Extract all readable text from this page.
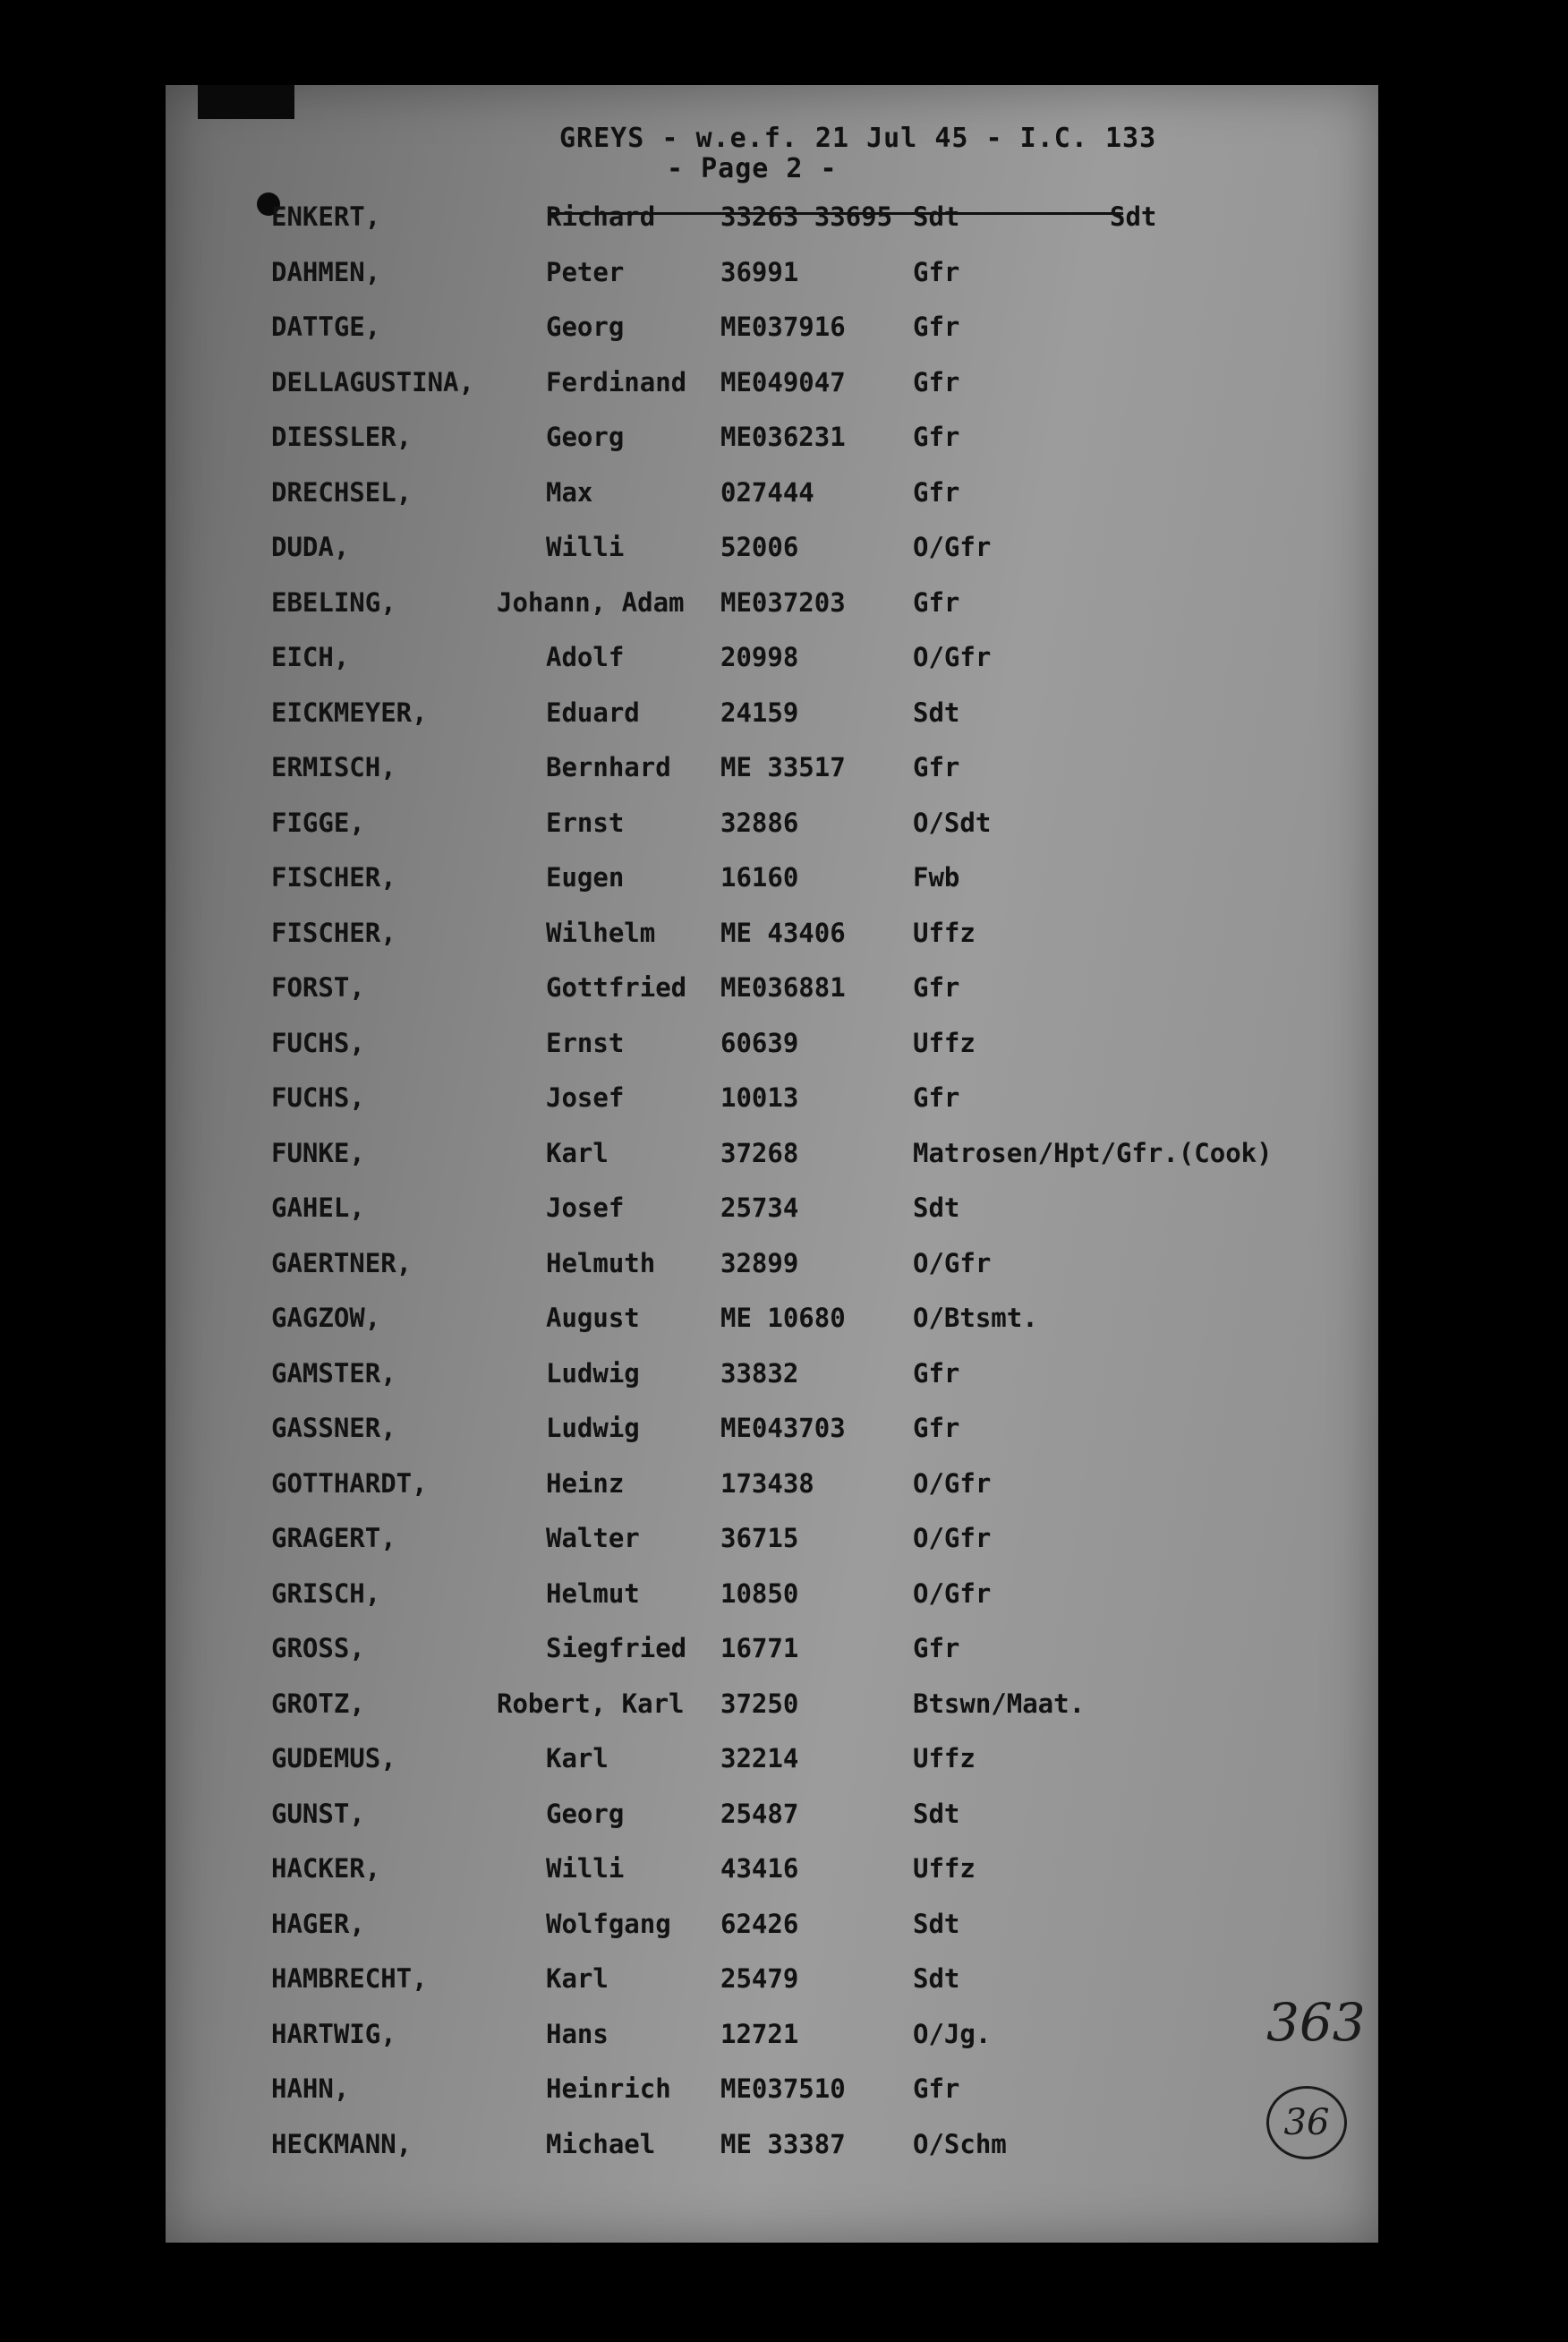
GREYS - w.e.f. 21 Jul 45 - I.C. 133
- Page 2 -
ENKERT,	Richard	33263 33695 Sdt	Sdt
DAHMEN,	Peter	36991	Gfr
DATTGE,	Georg	ME037916	Gfr
DELLAGUSTINA,	Ferdinand ME049047	Gfr
DIESSLER,	Georg	ME036231	Gfr
DRECHSEL,	Max	027444	Gfr
DUDA,	Willi	52006	O/Gfr
EBELING,	Johann, Adam ME037203	Gfr
EICH,	Adolf	20998	O/Gfr
EICKMEYER,	Eduard	24159	Sdt
ERMISCH,	Bernhard ME 33517	Gfr
FIGGE,	Ernst	32886	O/Sdt
FISCHER,	Eugen	16160	Fwb
FISCHER,	Wilhelm	ME 43406	Uffz
FORST,	Gottfried ME036881	Gfr
FUCHS,	Ernst	60639	Uffz
FUCHS,	Josef	10013	Gfr
FUNKE,	Karl	37268	Matrosen/Hpt/Gfr.(Cook)
GAHEL,	Josef	25734	Sdt
GAERTNER,	Helmuth	32899	O/Gfr
GAGZOW,	August	ME 10680	O/Btsmt.
GAMSTER,	Ludwig	33832	Gfr
GASSNER,	Ludwig	ME043703	Gfr
GOTTHARDT,	Heinz	173438	O/Gfr
GRAGERT,	Walter	36715	O/Gfr
GRISCH,	Helmut	10850	O/Gfr
GROSS,	Siegfried 16771	Gfr
GROTZ,	Robert, Karl 37250	Btswn/Maat.
GUDEMUS,	Karl	32214	Uffz
GUNST,	Georg	25487	Sdt
HACKER,	Willi	43416	Uffz
HAGER,	Wolfgang 62426	Sdt
HAMBRECHT,	Karl	25479	Sdt
HARTWIG,	Hans	12721	O/Jg.
HAHN,	Heinrich ME037510	Gfr
HECKMANN,	Michael	ME 33387	O/Schm
363
36
